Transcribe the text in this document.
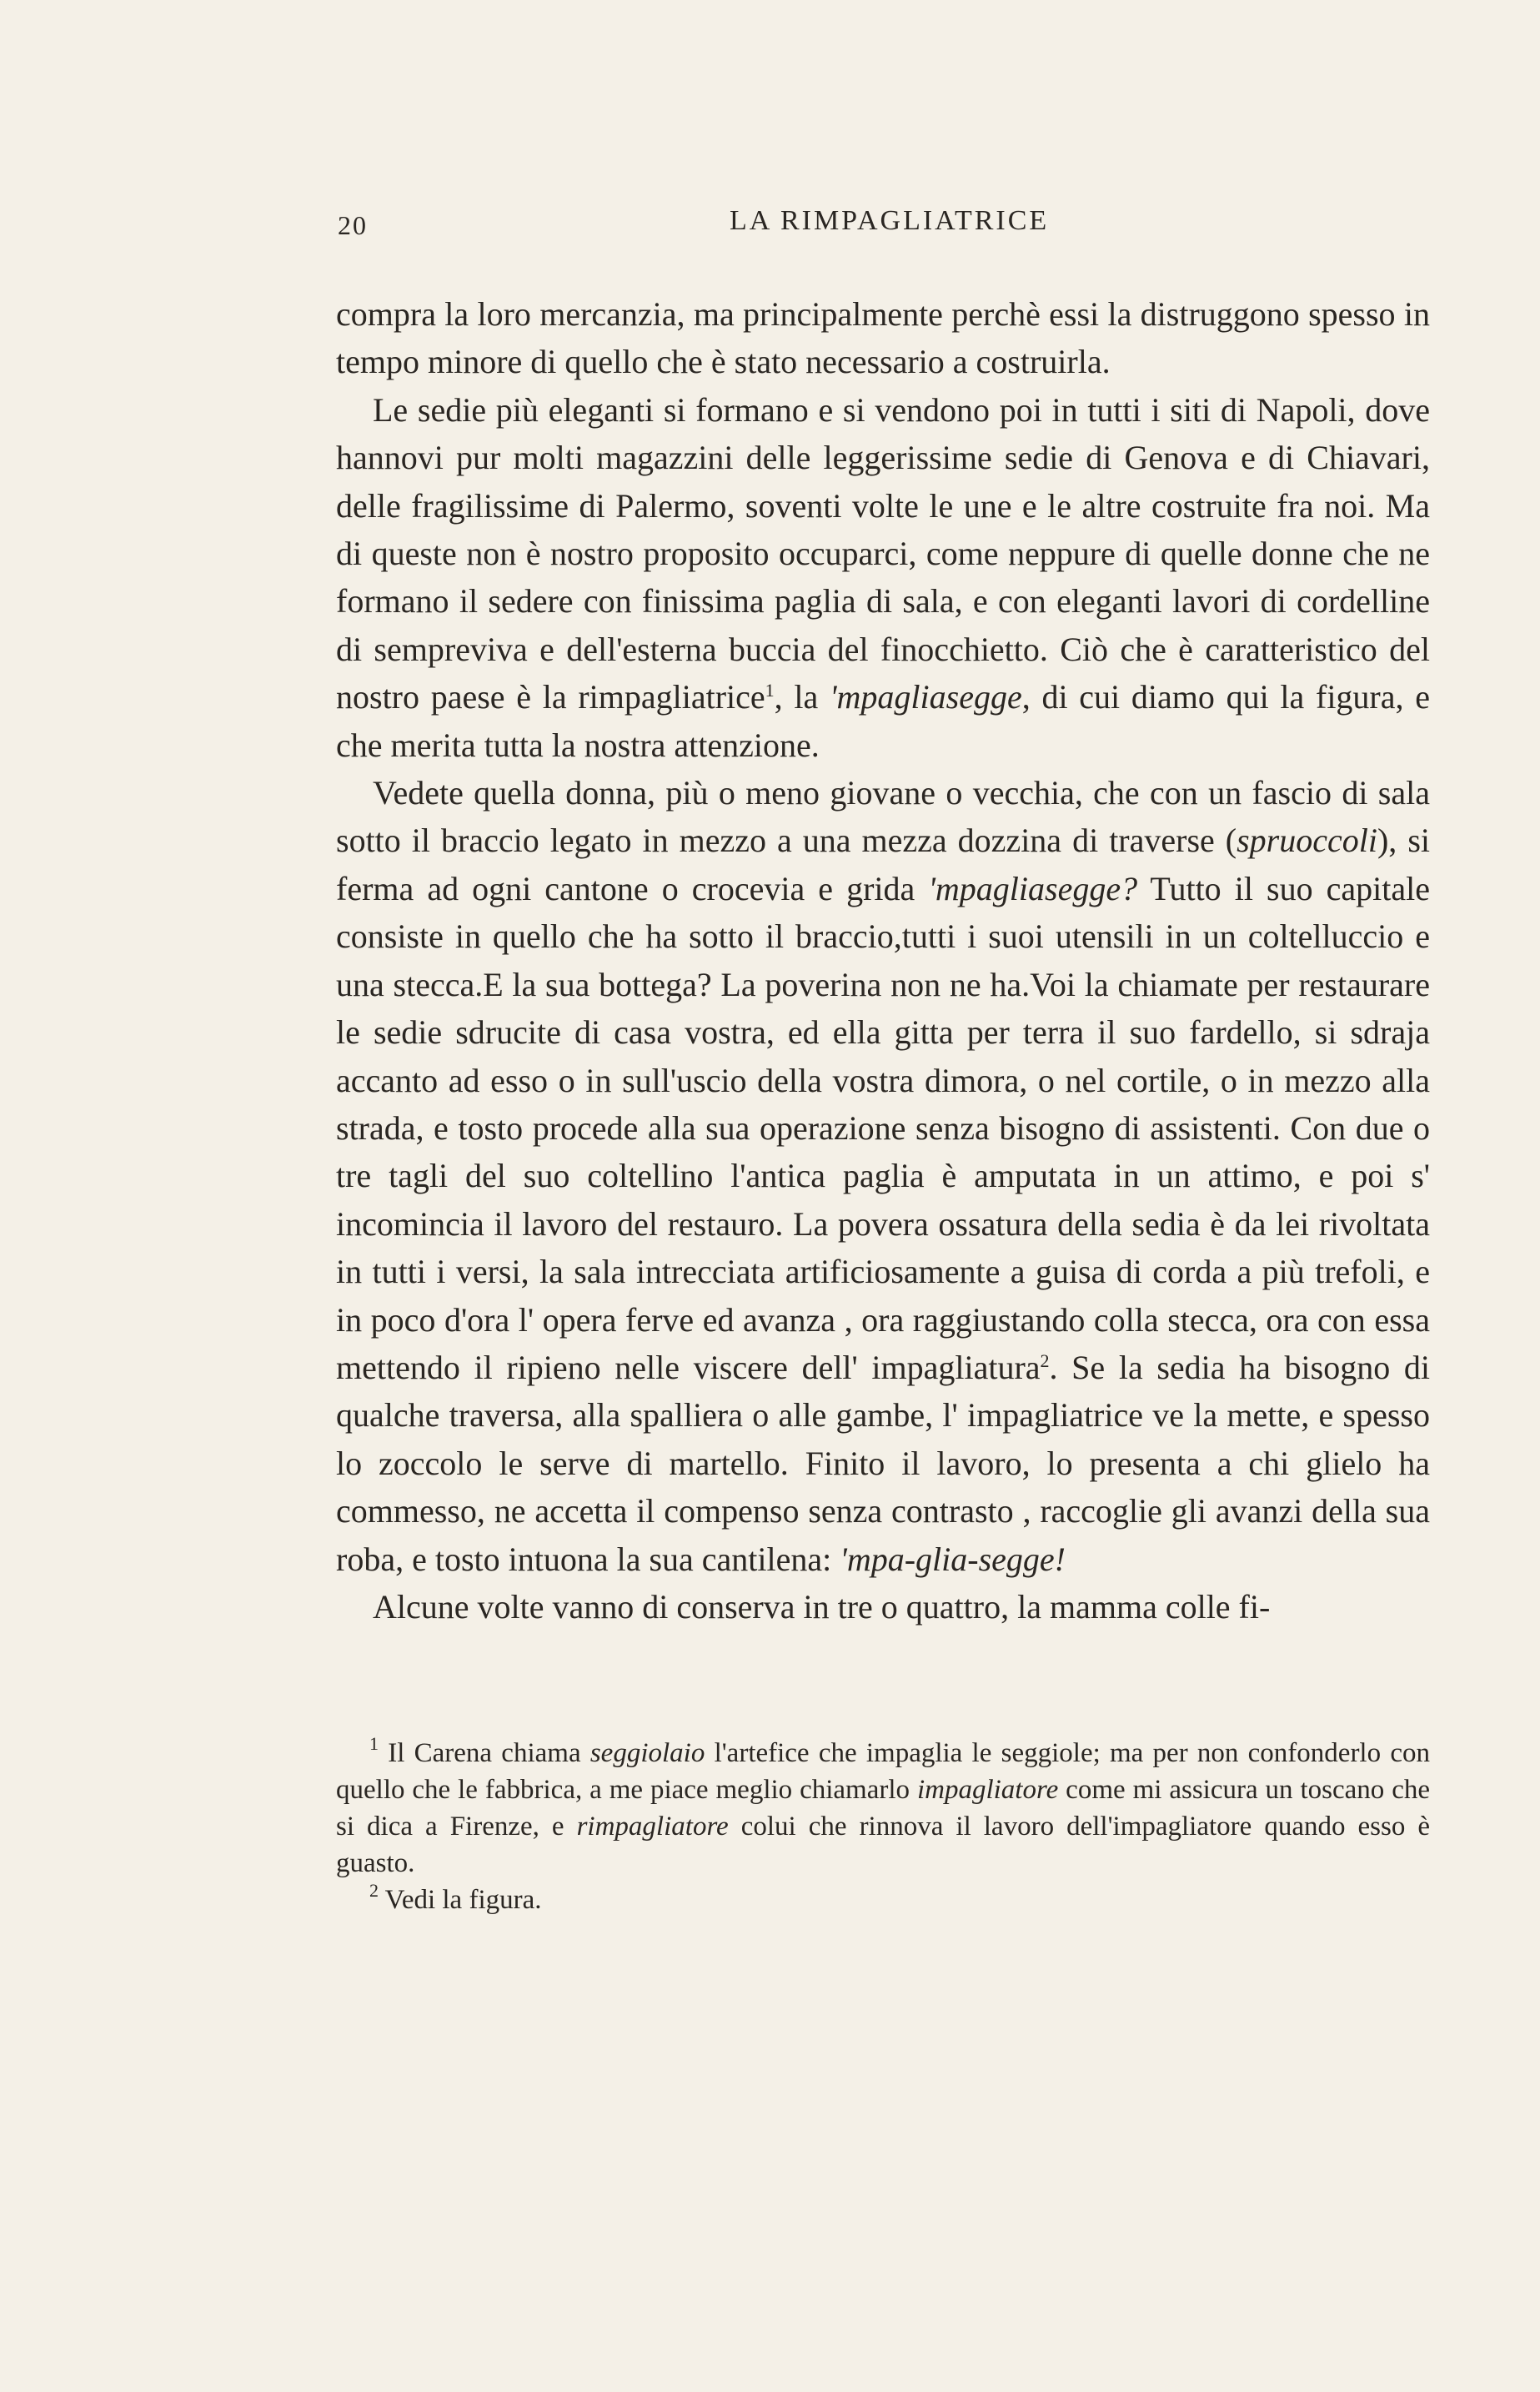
20	LA RIMPAGLIATRICE

compra la loro mercanzia, ma principalmente perchè essi la distruggono spesso in tempo minore di quello che è stato necessario a costruirla.

Le sedie più eleganti si formano e si vendono poi in tutti i siti di Napoli, dove hannovi pur molti magazzini delle leggerissime sedie di Genova e di Chiavari, delle fragilissime di Palermo, soventi volte le une e le altre costruite fra noi. Ma di queste non è nostro proposito occuparci, come neppure di quelle donne che ne formano il sedere con finissima paglia di sala, e con eleganti lavori di cordelline di sempreviva e dell'esterna buccia del finocchietto. Ciò che è caratteristico del nostro paese è la rimpagliatrice$^1$, la 'mpagliasegge, di cui diamo qui la figura, e che merita tutta la nostra attenzione.

Vedete quella donna, più o meno giovane o vecchia, che con un fascio di sala sotto il braccio legato in mezzo a una mezza dozzina di traverse (spruoccoli), si ferma ad ogni cantone o crocevia e grida 'mpagliasegge? Tutto il suo capitale consiste in quello che ha sotto il braccio,tutti i suoi utensili in un coltelluccio e una stecca.E la sua bottega? La poverina non ne ha.Voi la chiamate per restaurare le sedie sdrucite di casa vostra, ed ella gitta per terra il suo fardello, si sdraja accanto ad esso o in sull'uscio della vostra dimora, o nel cortile, o in mezzo alla strada, e tosto procede alla sua operazione senza bisogno di assistenti. Con due o tre tagli del suo coltellino l'antica paglia è amputata in un attimo, e poi s' incomincia il lavoro del restauro. La povera ossatura della sedia è da lei rivoltata in tutti i versi, la sala intrecciata artificiosamente a guisa di corda a più trefoli, e in poco d'ora l' opera ferve ed avanza , ora raggiustando colla stecca, ora con essa mettendo il ripieno nelle viscere dell' impagliatura$^2$. Se la sedia ha bisogno di qualche traversa, alla spalliera o alle gambe, l' impagliatrice ve la mette, e spesso lo zoccolo le serve di martello. Finito il lavoro, lo presenta a chi glielo ha commesso, ne accetta il compenso senza contrasto , raccoglie gli avanzi della sua roba, e tosto intuona la sua cantilena: 'mpa-glia-segge!

Alcune volte vanno di conserva in tre o quattro, la mamma colle fi-

$^1$ Il Carena chiama seggiolaio l'artefice che impaglia le seggiole; ma per non confonderlo con quello che le fabbrica, a me piace meglio chiamarlo impagliatore come mi assicura un toscano che si dica a Firenze, e rimpagliatore colui che rinnova il lavoro dell'impagliatore quando esso è guasto.

$^2$ Vedi la figura.
